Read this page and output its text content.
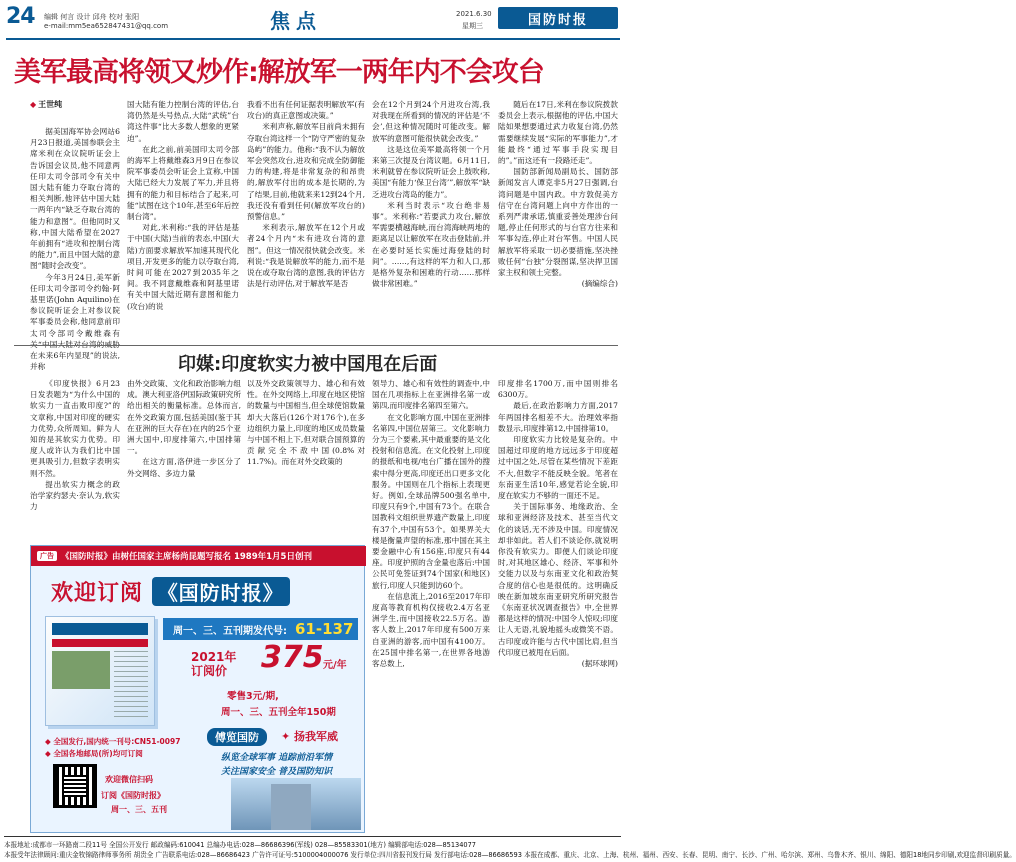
24 编辑 何言 设计 邱舟 校对 张阳
e-mail:mm5ea652847431@qq.com	焦点	2021.6.30
星期三	国防时报
美军最高将领又炒作:解放军一两年内不会攻台
◆ 王世纯

据美国海军协会网站6月23日报道,美国参联会主席米利在众议院听证会上告诉国会议员,他不同意两任印太司令部司令有关中国大陆有能力夺取台湾的相关判断,他评估中国大陆一两年内“缺乏夺取台湾的能力和意图”。但他同时又称,中国大陆希望在2027年前拥有“进攻和控制台湾的能力”,而且中国大陆的意图“随时会改变”。

今年3月24日,美军新任印太司令部司令约翰·阿基里诺(John Aquilino)在参议院听证会上对参议院军事委员会称,他同意前印太司令部司令戴维森有 在未来6年内显现”的说法,并称

国大陆有能力控制台湾的评估,台湾仍然是头号热点,大陆“武统”台湾这件事“比大多数人想象的更紧迫”。

在此之前,前美国印太司令部的海军上将戴维森3月9日在参议院军事委员会听证会上宣称,中国大陆已经大力发展了军力,并且将拥有的能力和目标结合了起来,可能“试图在这个10年,甚至6年后控制台湾”。

对此,米利称:“我的评估是基于中国(大陆)当前的表态,中国(大陆)方面要求解放军加速其现代化项目,开发更多的能力以夺取台湾,时间可能在2027到2035年之间。我不同意戴维森和阿基里诺有关中国大陆近期有意图和能力(攻台)的说

我看不出有任何证据表明解放军(有攻台)的真正意图或决策。”

米利声称,解放军目前尚未拥有夺取台湾这样一个“防守严密的复杂岛屿”的能力。他称:“我不认为解放军会突然攻台,进攻和完成全防御能力的构建,将是非常复杂的和昂贵的,解放军付出的成本是长期的,为了结果,目前,他就来来12到24个月,我还没有看到任何(解放军攻台的)预警信息。”

米利表示,解放军在12个月或者24个月内“未有进攻台湾的意图”。但这一情况很快就会改变。米利说:“我是说解放军的能力,而不是说在或夺取台湾的意图,我的评估方法是行动评估,对于解放军是否

会在12个月到24个月进攻台湾,我对我现在所看到的情况的评估是‘不会’,但这种情况随时可能改变。解放军的意图可能很快就会改变。”

这是这位美军最高将领一个月来第三次提及台湾议题。6月11日,米利就曾在参议院听证会上鼓吹称,美国“有能力‘保卫台湾’”,解放军“缺乏进攻台湾岛的能力”。

米利当时表示“攻台绝非易事”。米利称:“若要武力攻台,解放军需要横越海峡,而台湾海峡两地的距离足以让解放军在攻击登陆前,并在必要时延长实施过海登陆的时间”。……,有这样的军力和人口,那是格外复杂和困难的行动……那样做非常困难。”

随后在17日,米利在参议院拨款委员会上表示,根据他的评估,中国大陆如果想要通过武力收复台湾,仍然需要继续发展“实际的军事能力”,才能最终“通过军事手段实现目的”。”而这还有一段路还走”。

国防部新闻局副局长、国防部新闻发言人谭克非5月27日强调,台湾问题是中国内政。中方敦促美方信守在台湾问题上向中方作出的一系列严肃承诺,慎重妥善处理涉台问题,停止任何形式的与台官方往来和军事勾连,停止对台军售。中国人民解放军将采取一切必要措施,坚决挫败任何“台独”分裂图谋,坚决捍卫国家主权和领土完整。

(摘编综合)

印媒:印度软实力被中国甩在后面

《印度快报》6月23日发表题为“为什么中国的软实力一直击败印度?”的文章称,中国对印度的硬实力优势,众所周知。鲜为人知的是其软实力优势。印度人或许认为我们比中国更具吸引力,但数字表明实则不然。

提出软实力概念的政治学家约瑟夫·奈认为,软实力

由外交政策、文化和政治影响力组成。澳大利亚洛伊国际政策研究所给出相关的衡量标准。总体而言,在外交政策方面,包括美国(鉴于其在亚洲的巨大存在)在内的25个亚洲大国中,印度排第六,中国排第一。

在这方面,洛伊进一步区分了外交网络、多边力量

以及外交政策领导力、雄心和有效性。在外交网络上,印度在地区使馆的数量与中国相当,但全球使馆数量却大大落后(126个对176个),在多边组织力量上,印度的地区成员数量与中国不相上下,但对联合国预算的贡献完全不敌中国(0.8%对11.7%)。而在对外交政策的

领导力、雄心和有效性的调查中,中国在几项指标上在亚洲排名第一或第四,而印度排名第四至第六。

在文化影响方面,中国在亚洲排名第四,中国位居第三。文化影响力分为三个要素,其中最重要的是文化投射和信息流。在文化投射上,印度的报纸和电视/电台广播在国外的搜索中得分更高,印度还出口更多文化服务。中国则在几个指标上表现更好。例如,全球品牌500强名单中,印度只有9个,中国有73个。在联合国教科文组织世界遗产数量上,印度有37个,中国有53个。如果界关大楼是衡量声望的标准,那中国在其主要金融中心有156座,印度只有44座。印度护照的含金量也落后:中国公民可免签证到74个国家(和地区)旅行,印度人只能到访60个。

在信息流上,2016至2017年印度高等教育机构仅接收2.4万名亚洲学生,而中国接收22.5万名。游客人数上,2017年印度有500万来自亚洲的游客,而中国有4100万。在25国中排名第一,在世界各地游客总数上,

印度排名1700万,而中国则排名6300万。

最后,在政治影响力方面,2017年两国排名相差不大。治理效率指数显示,印度排第12,中国排第10。

印度软实力比较是复杂的。中国超过印度的地方远远多于印度超过中国之处,尽管在某些情况下差距不大,但数字不能反映全貌。笔者在东南亚生活10年,感觉若论全貌,印度在软实力不够的一面还不足。

关于国际事务、地缘政治、全球和亚洲经济及技术、甚至当代文化的谈话,无不涉及中国。印度情况却非如此。若人们不谈论你,就说明你没有软实力。即便人们谈论印度时,对其地区雄心、经济、军事和外交能力以及与东南亚文化和政治契合度的信心也是很低的。这明确反映在新加坡东南亚研究所研究报告《东南亚状况调查报告》中,全世界都是这样的情况:中国令人惊叹;印度让人无语,礼貌地摇头或微笑不语。古印度或许能与古代中国比肩,但当代印度已被甩在后面。

(据环球网)

广告 《国防时报》由树任国家主席杨尚昆题写报名 1989年1月5日创刊
欢迎订阅 《国防时报》
周一、三、五刊期发代号: 61-137
2021年
订阅价	375 元/年
零售3元/期,
周一、三、五刊全年150期
◆ 全国发行,国内统一刊号:CN51-0097
◆ 全国各地邮局(所)均可订阅
傅览国防	✦ 扬我军威
纵览全球军事 追踪前沿军情
关注国家安全 普及国防知识
欢迎微信扫码
订阅《国防时报》
周一、三、五刊
本报地址:成都市一环路南二段11号 全国公开发行 邮政编码:610041 总编办电话:028—86686396(军线) 028—85583301(地方) 编辑部电话:028—85134077
本报受年法律顾问:重庆金牧锦路律师事务所 胡贵全 广告联系电话:028—86686423 广告许可证号:5100004000076 发行单位:四川省报刊发行局 发行部电话:028—86686593 本报在成都、重庆、北京、上海、杭州、福州、西安、长春、昆明、南宁、长沙、广州、哈尔滨、郑州、乌鲁木齐、银川、绵阳、德阳18地同步印刷,欢迎监督印刷质量。
